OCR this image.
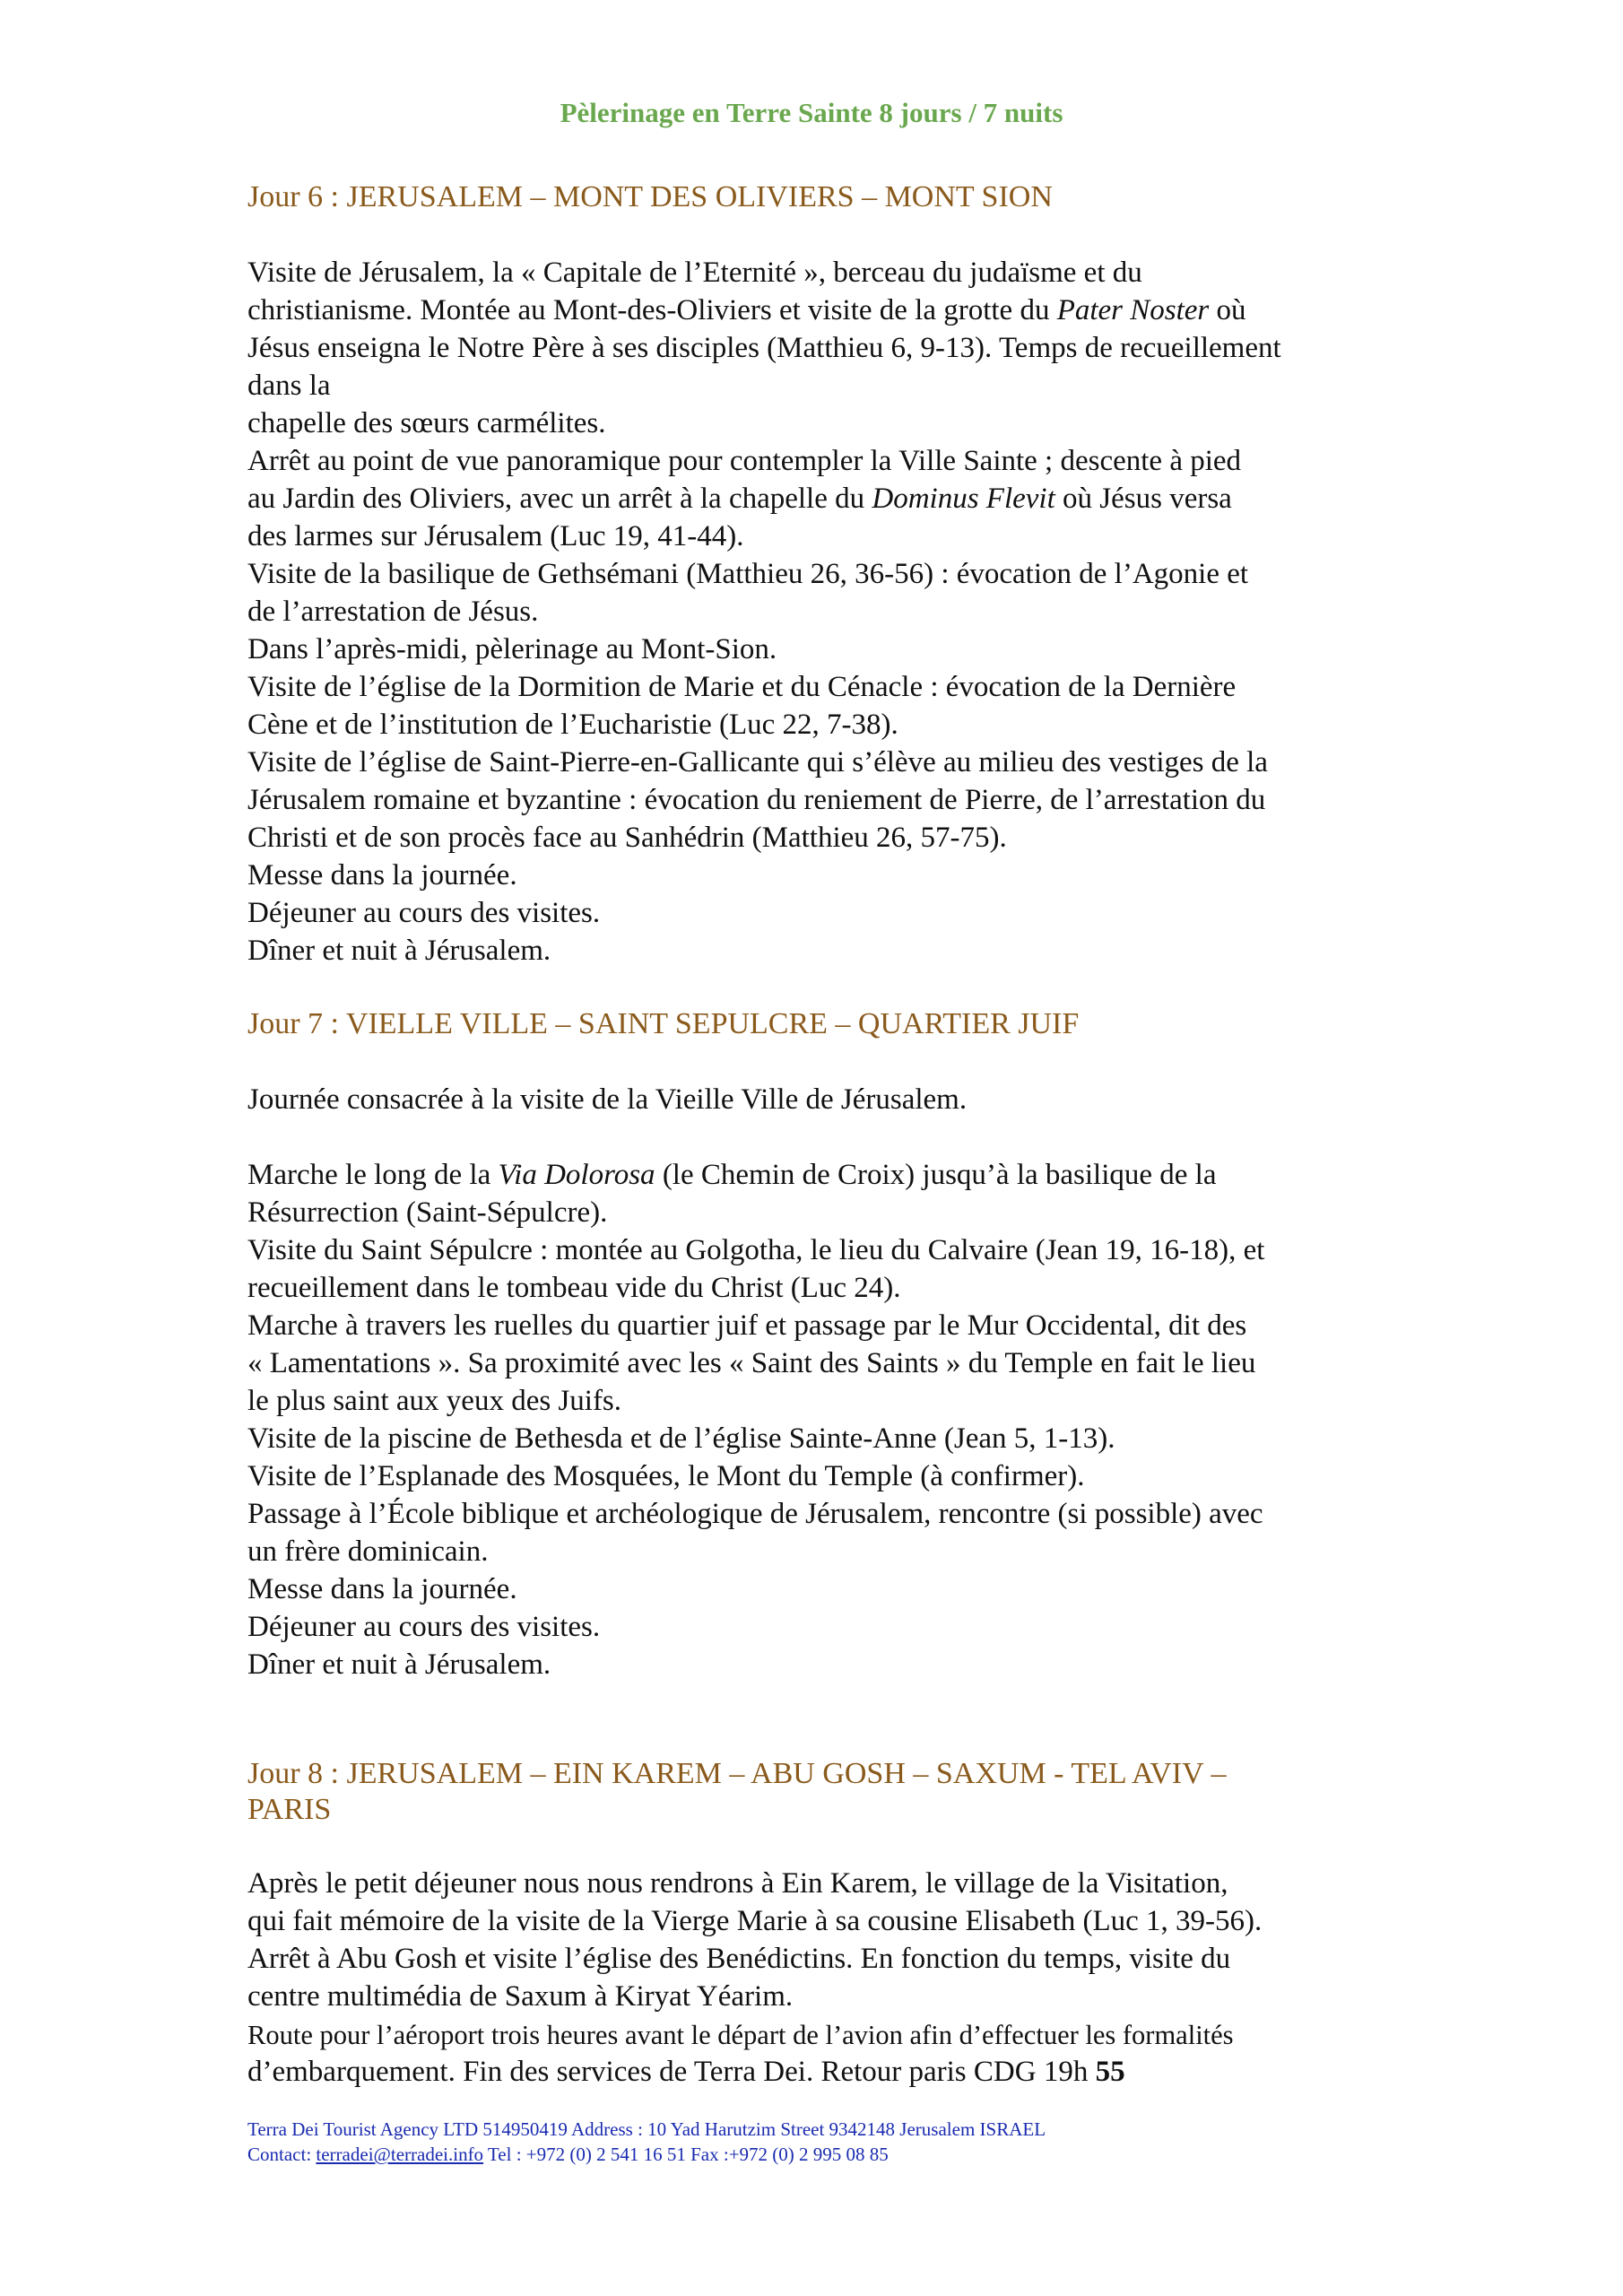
Pèlerinage en Terre Sainte 8 jours / 7 nuits
Jour 6 : JERUSALEM – MONT DES OLIVIERS – MONT SION
Visite de Jérusalem, la « Capitale de l’Eternité », berceau du judaïsme et du
christianisme. Montée au Mont-des-Oliviers et visite de la grotte du Pater Noster où
Jésus enseigna le Notre Père à ses disciples (Matthieu 6, 9-13). Temps de recueillement
dans la
chapelle des sœurs carmélites.
Arrêt au point de vue panoramique pour contempler la Ville Sainte ; descente à pied
au Jardin des Oliviers, avec un arrêt à la chapelle du Dominus Flevit où Jésus versa
des larmes sur Jérusalem (Luc 19, 41-44).
Visite de la basilique de Gethsémani (Matthieu 26, 36-56) : évocation de l’Agonie et
de l’arrestation de Jésus.
Dans l’après-midi, pèlerinage au Mont-Sion.
Visite de l’église de la Dormition de Marie et du Cénacle : évocation de la Dernière
Cène et de l’institution de l’Eucharistie (Luc 22, 7-38).
Visite de l’église de Saint-Pierre-en-Gallicante qui s’élève au milieu des vestiges de la
Jérusalem romaine et byzantine : évocation du reniement de Pierre, de l’arrestation du
Christi et de son procès face au Sanhédrin (Matthieu 26, 57-75).
Messe dans la journée.
Déjeuner au cours des visites.
Dîner et nuit à Jérusalem.
Jour 7 : VIELLE VILLE – SAINT SEPULCRE – QUARTIER JUIF
Journée consacrée à la visite de la Vieille Ville de Jérusalem.
Marche le long de la Via Dolorosa (le Chemin de Croix) jusqu’à la basilique de la
Résurrection (Saint-Sépulcre).
Visite du Saint Sépulcre : montée au Golgotha, le lieu du Calvaire (Jean 19, 16-18), et
recueillement dans le tombeau vide du Christ (Luc 24).
Marche à travers les ruelles du quartier juif et passage par le Mur Occidental, dit des
« Lamentations ». Sa proximité avec les « Saint des Saints » du Temple en fait le lieu
le plus saint aux yeux des Juifs.
Visite de la piscine de Bethesda et de l’église Sainte-Anne (Jean 5, 1-13).
Visite de l’Esplanade des Mosquées, le Mont du Temple (à confirmer).
Passage à l’École biblique et archéologique de Jérusalem, rencontre (si possible) avec
un frère dominicain.
Messe dans la journée.
Déjeuner au cours des visites.
Dîner et nuit à Jérusalem.
Jour 8 : JERUSALEM – EIN KAREM – ABU GOSH – SAXUM - TEL AVIV –
PARIS
Après le petit déjeuner nous nous rendrons à Ein Karem, le village de la Visitation,
qui fait mémoire de la visite de la Vierge Marie à sa cousine Elisabeth (Luc 1, 39-56).
Arrêt à Abu Gosh et visite l’église des Benédictins. En fonction du temps, visite du
centre multimédia de Saxum à Kiryat Yéarim.
Route pour l’aéroport trois heures avant le départ de l’avion afin d’effectuer les formalités
d’embarquement. Fin des services de Terra Dei. Retour paris CDG 19h 55
Terra Dei Tourist Agency LTD 514950419 Address : 10 Yad Harutzim Street 9342148 Jerusalem ISRAEL
Contact: terradei@terradei.info Tel : +972 (0) 2 541 16 51 Fax :+972 (0) 2 995 08 85
